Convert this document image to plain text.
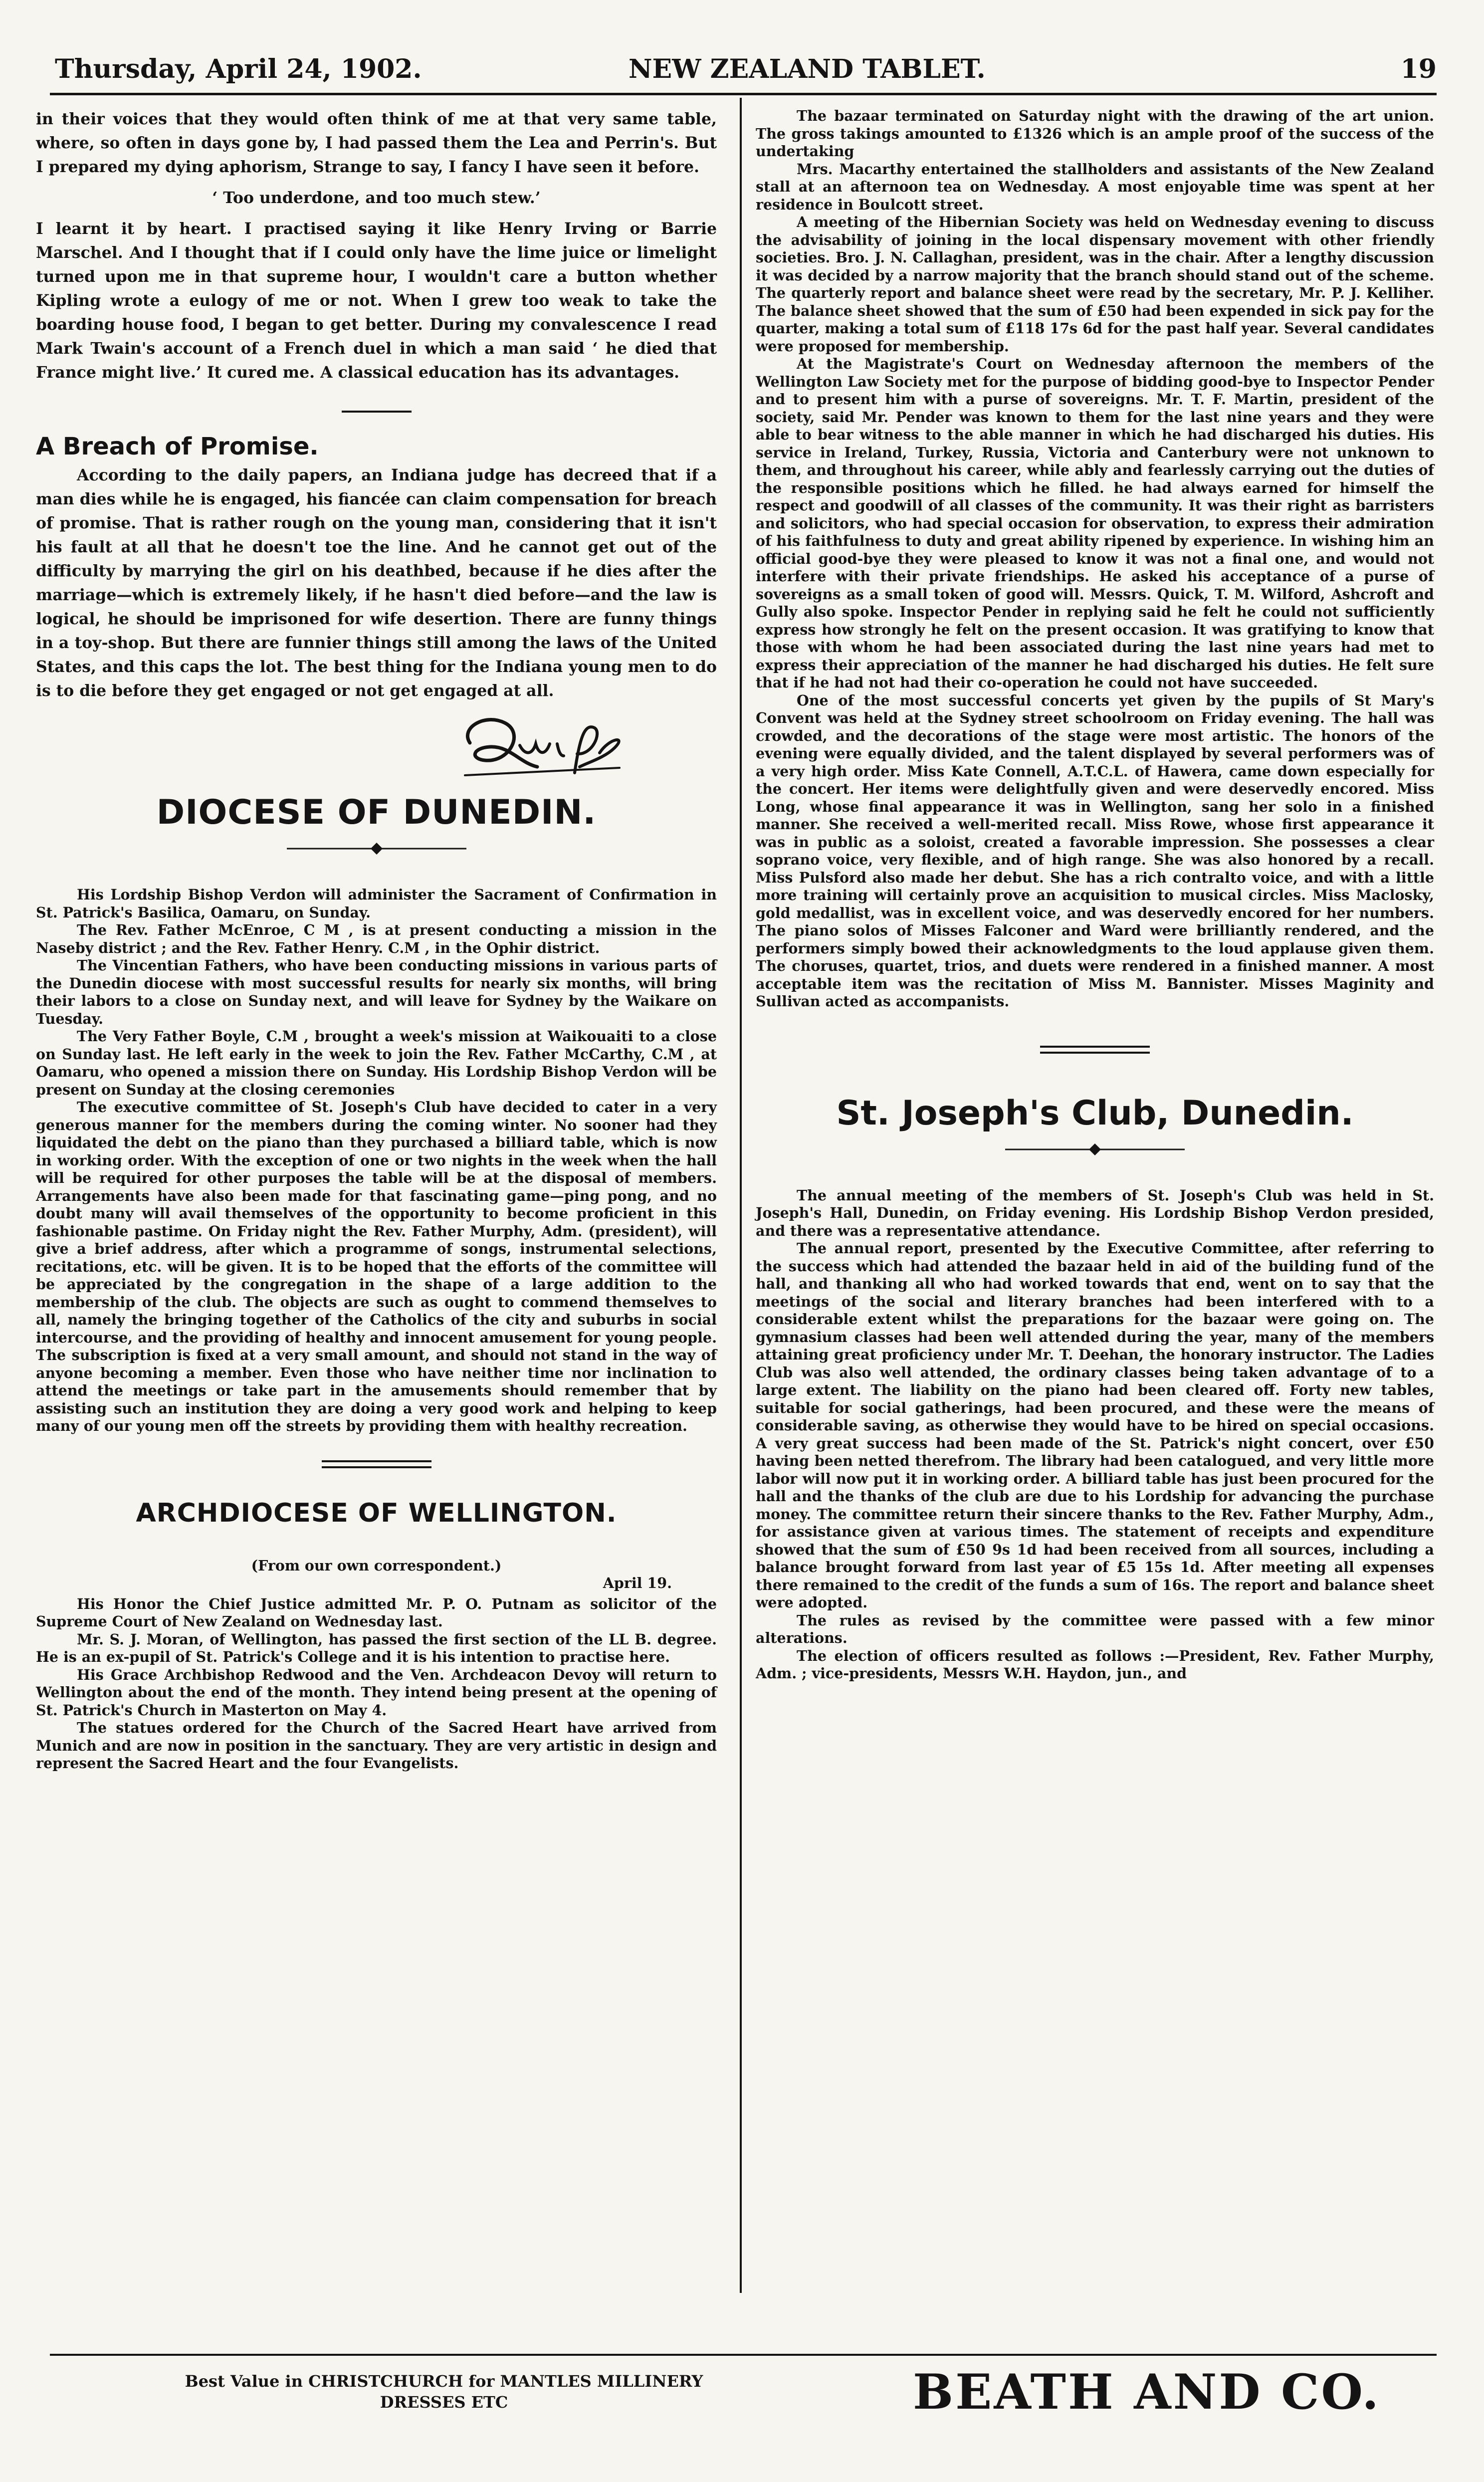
Thursday, April 24, 1902.	NEW ZEALAND TABLET.	19

in their voices that they would often think of me at that very same table, where, so often in days gone by, I had passed them the Lea and Perrin's. But I prepared my dying aphorism, Strange to say, I fancy I have seen it before.

‘ Too underdone, and too much stew.’

I learnt it by heart. I practised saying it like Henry Irving or Barrie Marschel. And I thought that if I could only have the lime juice or limelight turned upon me in that supreme hour, I wouldn't care a button whether Kipling wrote a eulogy of me or not. When I grew too weak to take the boarding house food, I began to get better. During my convalescence I read Mark Twain's account of a French duel in which a man said ‘ he died that France might live.’ It cured me. A classical education has its advantages.

A Breach of Promise.

According to the daily papers, an Indiana judge has decreed that if a man dies while he is engaged, his fiancée can claim compensation for breach of promise. That is rather rough on the young man, considering that it isn't his fault at all that he doesn't toe the line. And he cannot get out of the difficulty by marrying the girl on his deathbed, because if he dies after the marriage—which is extremely likely, if he hasn't died before—and the law is logical, he should be imprisoned for wife desertion. There are funny things in a toy-shop. But there are funnier things still among the laws of the United States, and this caps the lot. The best thing for the Indiana young men to do is to die before they get engaged or not get engaged at all.

DIOCESE OF DUNEDIN.

His Lordship Bishop Verdon will administer the Sacrament of Confirmation in St. Patrick's Basilica, Oamaru, on Sunday.

The Rev. Father McEnroe, C M , is at present conducting a mission in the Naseby district ; and the Rev. Father Henry. C.M , in the Ophir district.

The Vincentian Fathers, who have been conducting missions in various parts of the Dunedin diocese with most successful results for nearly six months, will bring their labors to a close on Sunday next, and will leave for Sydney by the Waikare on Tuesday.

The Very Father Boyle, C.M , brought a week's mission at Waikouaiti to a close on Sunday last. He left early in the week to join the Rev. Father McCarthy, C.M , at Oamaru, who opened a mission there on Sunday. His Lordship Bishop Verdon will be present on Sunday at the closing ceremonies

The executive committee of St. Joseph's Club have decided to cater in a very generous manner for the members during the coming winter. No sooner had they liquidated the debt on the piano than they purchased a billiard table, which is now in working order. With the exception of one or two nights in the week when the hall will be required for other purposes the table will be at the disposal of members. Arrangements have also been made for that fascinating game—ping pong, and no doubt many will avail themselves of the opportunity to become proficient in this fashionable pastime. On Friday night the Rev. Father Murphy, Adm. (president), will give a brief address, after which a programme of songs, instrumental selections, recitations, etc. will be given. It is to be hoped that the efforts of the committee will be appreciated by the congregation in the shape of a large addition to the membership of the club. The objects are such as ought to commend themselves to all, namely the bringing together of the Catholics of the city and suburbs in social intercourse, and the providing of healthy and innocent amusement for young people. The subscription is fixed at a very small amount, and should not stand in the way of anyone becoming a member. Even those who have neither time nor inclination to attend the meetings or take part in the amusements should remember that by assisting such an institution they are doing a very good work and helping to keep many of our young men off the streets by providing them with healthy recreation.

ARCHDIOCESE OF WELLINGTON.

(From our own correspondent.)

April 19.

His Honor the Chief Justice admitted Mr. P. O. Putnam as solicitor of the Supreme Court of New Zealand on Wednesday last.

Mr. S. J. Moran, of Wellington, has passed the first section of the LL B. degree. He is an ex-pupil of St. Patrick's College and it is his intention to practise here.

His Grace Archbishop Redwood and the Ven. Archdeacon Devoy will return to Wellington about the end of the month. They intend being present at the opening of St. Patrick's Church in Masterton on May 4.

The statues ordered for the Church of the Sacred Heart have arrived from Munich and are now in position in the sanctuary. They are very artistic in design and represent the Sacred Heart and the four Evangelists.

The bazaar terminated on Saturday night with the drawing of the art union. The gross takings amounted to £1326 which is an ample proof of the success of the undertaking

Mrs. Macarthy entertained the stallholders and assistants of the New Zealand stall at an afternoon tea on Wednesday. A most enjoyable time was spent at her residence in Boulcott street.

A meeting of the Hibernian Society was held on Wednesday evening to discuss the advisability of joining in the local dispensary movement with other friendly societies. Bro. J. N. Callaghan, president, was in the chair. After a lengthy discussion it was decided by a narrow majority that the branch should stand out of the scheme. The quarterly report and balance sheet were read by the secretary, Mr. P. J. Kelliher. The balance sheet showed that the sum of £50 had been expended in sick pay for the quarter, making a total sum of £118 17s 6d for the past half year. Several candidates were proposed for membership.

At the Magistrate's Court on Wednesday afternoon the members of the Wellington Law Society met for the purpose of bidding good-bye to Inspector Pender and to present him with a purse of sovereigns. Mr. T. F. Martin, president of the society, said Mr. Pender was known to them for the last nine years and they were able to bear witness to the able manner in which he had discharged his duties. His service in Ireland, Turkey, Russia, Victoria and Canterbury were not unknown to them, and throughout his career, while ably and fearlessly carrying out the duties of the responsible positions which he filled. he had always earned for himself the respect and goodwill of all classes of the community. It was their right as barristers and solicitors, who had special occasion for observation, to express their admiration of his faithfulness to duty and great ability ripened by experience. In wishing him an official good-bye they were pleased to know it was not a final one, and would not interfere with their private friendships. He asked his acceptance of a purse of sovereigns as a small token of good will. Messrs. Quick, T. M. Wilford, Ashcroft and Gully also spoke. Inspector Pender in replying said he felt he could not sufficiently express how strongly he felt on the present occasion. It was gratifying to know that those with whom he had been associated during the last nine years had met to express their appreciation of the manner he had discharged his duties. He felt sure that if he had not had their co-operation he could not have succeeded.

One of the most successful concerts yet given by the pupils of St Mary's Convent was held at the Sydney street schoolroom on Friday evening. The hall was crowded, and the decorations of the stage were most artistic. The honors of the evening were equally divided, and the talent displayed by several performers was of a very high order. Miss Kate Connell, A.T.C.L. of Hawera, came down especially for the concert. Her items were delightfully given and were deservedly encored. Miss Long, whose final appearance it was in Wellington, sang her solo in a finished manner. She received a well-merited recall. Miss Rowe, whose first appearance it was in public as a soloist, created a favorable impression. She possesses a clear soprano voice, very flexible, and of high range. She was also honored by a recall. Miss Pulsford also made her debut. She has a rich contralto voice, and with a little more training will certainly prove an acquisition to musical circles. Miss Maclosky, gold medallist, was in excellent voice, and was deservedly encored for her numbers. The piano solos of Misses Falconer and Ward were brilliantly rendered, and the performers simply bowed their acknowledgments to the loud applause given them. The choruses, quartet, trios, and duets were rendered in a finished manner. A most acceptable item was the recitation of Miss M. Bannister. Misses Maginity and Sullivan acted as accompanists.

St. Joseph's Club, Dunedin.

The annual meeting of the members of St. Joseph's Club was held in St. Joseph's Hall, Dunedin, on Friday evening. His Lordship Bishop Verdon presided, and there was a representative attendance.

The annual report, presented by the Executive Committee, after referring to the success which had attended the bazaar held in aid of the building fund of the hall, and thanking all who had worked towards that end, went on to say that the meetings of the social and literary branches had been interfered with to a considerable extent whilst the preparations for the bazaar were going on. The gymnasium classes had been well attended during the year, many of the members attaining great proficiency under Mr. T. Deehan, the honorary instructor. The Ladies Club was also well attended, the ordinary classes being taken advantage of to a large extent. The liability on the piano had been cleared off. Forty new tables, suitable for social gatherings, had been procured, and these were the means of considerable saving, as otherwise they would have to be hired on special occasions. A very great success had been made of the St. Patrick's night concert, over £50 having been netted therefrom. The library had been catalogued, and very little more labor will now put it in working order. A billiard table has just been procured for the hall and the thanks of the club are due to his Lordship for advancing the purchase money. The committee return their sincere thanks to the Rev. Father Murphy, Adm., for assistance given at various times. The statement of receipts and expenditure showed that the sum of £50 9s 1d had been received from all sources, including a balance brought forward from last year of £5 15s 1d. After meeting all expenses there remained to the credit of the funds a sum of 16s. The report and balance sheet were adopted.

The rules as revised by the committee were passed with a few minor alterations.

The election of officers resulted as follows :—President, Rev. Father Murphy, Adm. ; vice-presidents, Messrs W.H. Haydon, jun., and

Best Value in CHRISTCHURCH for MANTLES MILLINERY
DRESSES ETC	BEATH AND CO.
